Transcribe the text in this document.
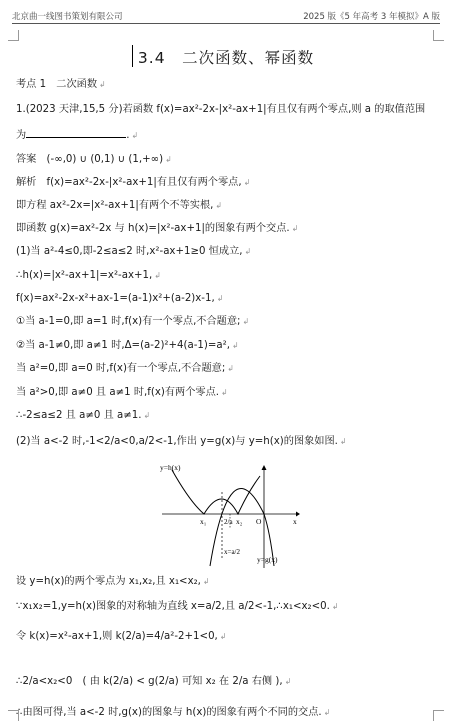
北京曲一线图书策划有限公司	2025 版《5 年高考 3 年模拟》A 版
3.4　二次函数、幂函数
考点 1　二次函数 ↲
1.(2023 天津,15,5 分)若函数 f(x)=ax²-2x-|x²-ax+1|有且仅有两个零点,则 a 的取值范围
为	. ↲
答案　(-∞,0) ∪ (0,1) ∪ (1,+∞) ↲
解析　f(x)=ax²-2x-|x²-ax+1|有且仅有两个零点, ↲
即方程 ax²-2x=|x²-ax+1|有两个不等实根, ↲
即函数 g(x)=ax²-2x 与 h(x)=|x²-ax+1|的图象有两个交点. ↲
(1)当 a²-4≤0,即-2≤a≤2 时,x²-ax+1≥0 恒成立, ↲
∴h(x)=|x²-ax+1|=x²-ax+1, ↲
f(x)=ax²-2x-x²+ax-1=(a-1)x²+(a-2)x-1, ↲
①当 a-1=0,即 a=1 时,f(x)有一个零点,不合题意; ↲
②当 a-1≠0,即 a≠1 时,Δ=(a-2)²+4(a-1)=a², ↲
当 a²=0,即 a=0 时,f(x)有一个零点,不合题意; ↲
当 a²>0,即 a≠0 且 a≠1 时,f(x)有两个零点. ↲
∴-2≤a≤2 且 a≠0 且 a≠1. ↲
(2)当 a<-2 时,-1<2/a<0,a/2<-1,作出 y=g(x)与 y=h(x)的图象如图. ↲
y=h(x)
y=g(x)
x₁	x₂
2/a	O	x
x=a/2
设 y=h(x)的两个零点为 x₁,x₂,且 x₁<x₂, ↲
∵x₁x₂=1,y=h(x)图象的对称轴为直线 x=a/2,且 a/2<-1,∴x₁<x₂<0. ↲
令 k(x)=x²-ax+1,则 k(2/a)=4/a²-2+1<0, ↲
∴2/a<x₂<0　( 由 k(2/a) < g(2/a) 可知 x₂ 在 2/a 右侧 ), ↲
∴由图可得,当 a<-2 时,g(x)的图象与 h(x)的图象有两个不同的交点. ↲
